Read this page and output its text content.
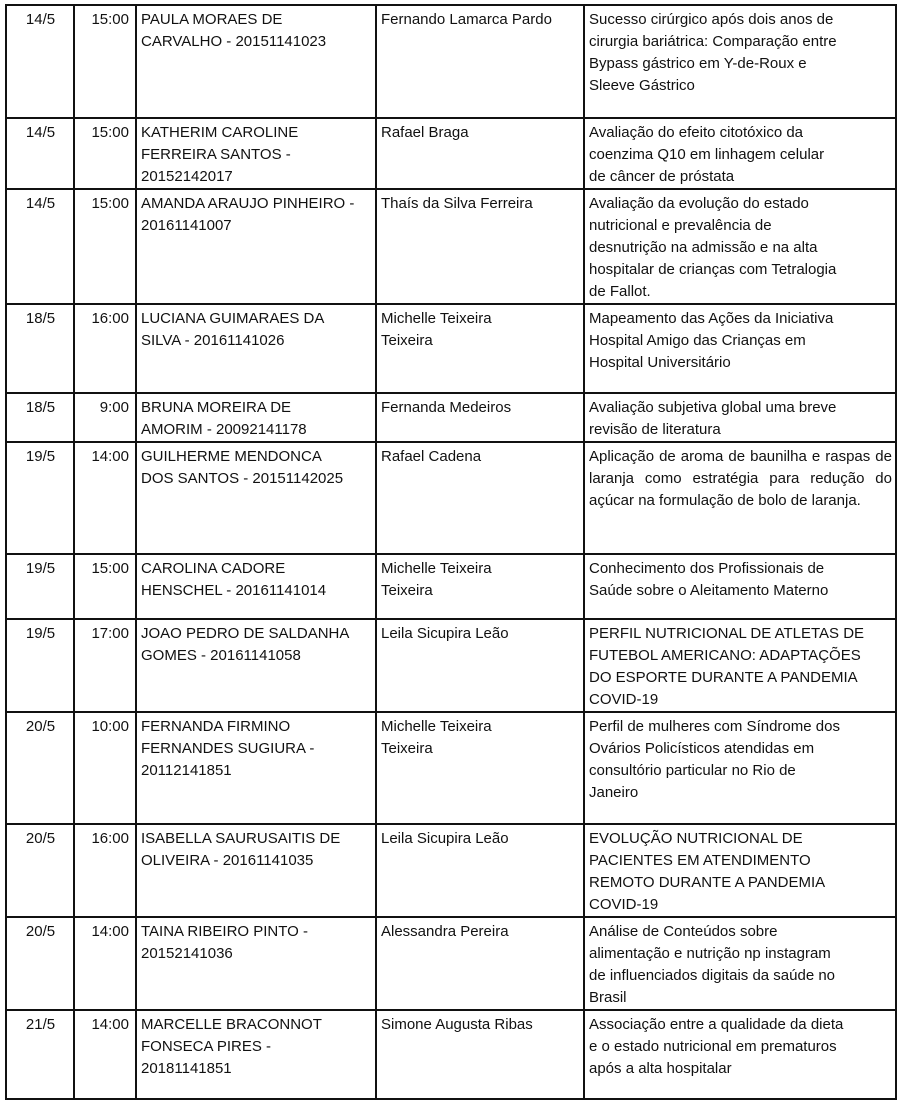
14/5	15:00	PAULA MORAES DE
CARVALHO - 20151141023	Fernando Lamarca Pardo	Sucesso cirúrgico após dois anos de
cirurgia bariátrica: Comparação entre
Bypass gástrico em Y-de-Roux e
Sleeve Gástrico
14/5	15:00	KATHERIM CAROLINE
FERREIRA SANTOS -
20152142017	Rafael Braga	Avaliação do efeito citotóxico da
coenzima Q10 em linhagem celular
de câncer de próstata
14/5	15:00	AMANDA ARAUJO PINHEIRO -
20161141007	Thaís da Silva Ferreira	Avaliação da evolução do estado
nutricional e prevalência de
desnutrição na admissão e na alta
hospitalar de crianças com Tetralogia
de Fallot.
18/5	16:00	LUCIANA GUIMARAES DA
SILVA - 20161141026	Michelle Teixeira
Teixeira	Mapeamento das Ações da Iniciativa
Hospital Amigo das Crianças em
Hospital Universitário
18/5	9:00	BRUNA MOREIRA DE
AMORIM - 20092141178	Fernanda Medeiros	Avaliação subjetiva global uma breve
revisão de literatura
19/5	14:00	GUILHERME MENDONCA
DOS SANTOS - 20151142025	Rafael Cadena	Aplicação de aroma de baunilha e raspas de laranja como estratégia para redução do açúcar na formulação de bolo de laranja.
19/5	15:00	CAROLINA CADORE
HENSCHEL - 20161141014	Michelle Teixeira
Teixeira	Conhecimento dos Profissionais de
Saúde sobre o Aleitamento Materno
19/5	17:00	JOAO PEDRO DE SALDANHA
GOMES - 20161141058	Leila Sicupira Leão	PERFIL NUTRICIONAL DE ATLETAS DE
FUTEBOL AMERICANO: ADAPTAÇÕES
DO ESPORTE DURANTE A PANDEMIA
COVID-19
20/5	10:00	FERNANDA FIRMINO
FERNANDES SUGIURA -
20112141851	Michelle Teixeira
Teixeira	Perfil de mulheres com Síndrome dos
Ovários Policísticos atendidas em
consultório particular no Rio de
Janeiro
20/5	16:00	ISABELLA SAURUSAITIS DE
OLIVEIRA - 20161141035	Leila Sicupira Leão	EVOLUÇÃO NUTRICIONAL DE
PACIENTES EM ATENDIMENTO
REMOTO DURANTE A PANDEMIA
COVID-19
20/5	14:00	TAINA RIBEIRO PINTO -
20152141036	Alessandra Pereira	Análise de Conteúdos sobre
alimentação e nutrição np instagram
de influenciados digitais da saúde no
Brasil
21/5	14:00	MARCELLE BRACONNOT
FONSECA PIRES -
20181141851	Simone Augusta Ribas	Associação entre a qualidade da dieta
e o estado nutricional em prematuros
após a alta hospitalar
